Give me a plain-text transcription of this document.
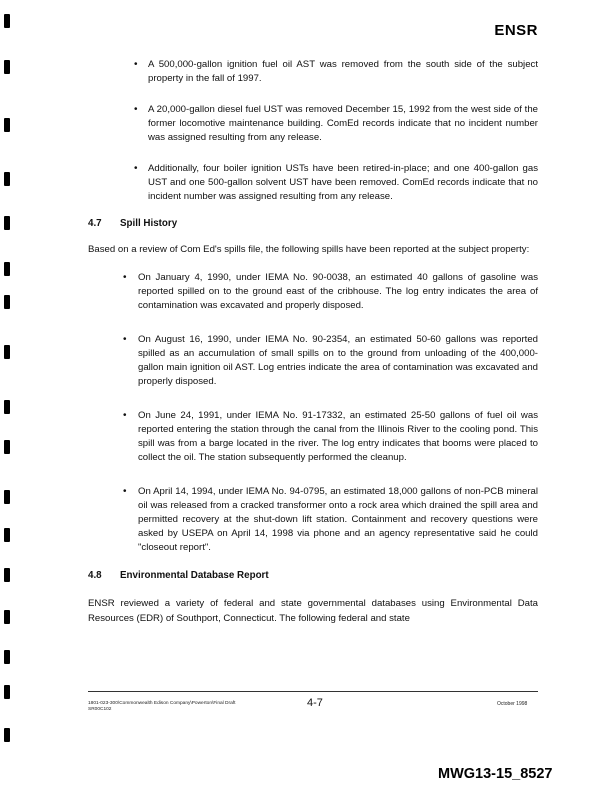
ENSR
• A 500,000-gallon ignition fuel oil AST was removed from the south side of the subject property in the fall of 1997.

• A 20,000-gallon diesel fuel UST was removed December 15, 1992 from the west side of the former locomotive maintenance building. ComEd records indicate that no incident number was assigned resulting from any release.

• Additionally, four boiler ignition USTs have been retired-in-place; and one 400-gallon gas UST and one 500-gallon solvent UST have been removed. ComEd records indicate that no incident number was assigned resulting from any release.

4.7 Spill History

Based on a review of Com Ed's spills file, the following spills have been reported at the subject property:

• On January 4, 1990, under IEMA No. 90-0038, an estimated 40 gallons of gasoline was reported spilled on to the ground east of the cribhouse. The log entry indicates the area of contamination was excavated and properly disposed.

• On August 16, 1990, under IEMA No. 90-2354, an estimated 50-60 gallons was reported spilled as an accumulation of small spills on to the ground from unloading of the 400,000-gallon main ignition oil AST. Log entries indicate the area of contamination was excavated and properly disposed.

• On June 24, 1991, under IEMA No. 91-17332, an estimated 25-50 gallons of fuel oil was reported entering the station through the canal from the Illinois River to the cooling pond. This spill was from a barge located in the river. The log entry indicates that booms were placed to collect the oil. The station subsequently performed the cleanup.

• On April 14, 1994, under IEMA No. 94-0795, an estimated 18,000 gallons of non-PCB mineral oil was released from a cracked transformer onto a rock area which drained the spill area and permitted recovery at the shut-down lift station. Containment and recovery questions were asked by USEPA on April 14, 1998 via phone and an agency representative said he could "closeout report".

4.8 Environmental Database Report

ENSR reviewed a variety of federal and state governmental databases using Environmental Data Resources (EDR) of Southport, Connecticut. The following federal and state

1801-023-300\Commonwealth Edison Company\Powerton\Final Draft
SR00C102
4-7	October 1998
MWG13-15_8527
